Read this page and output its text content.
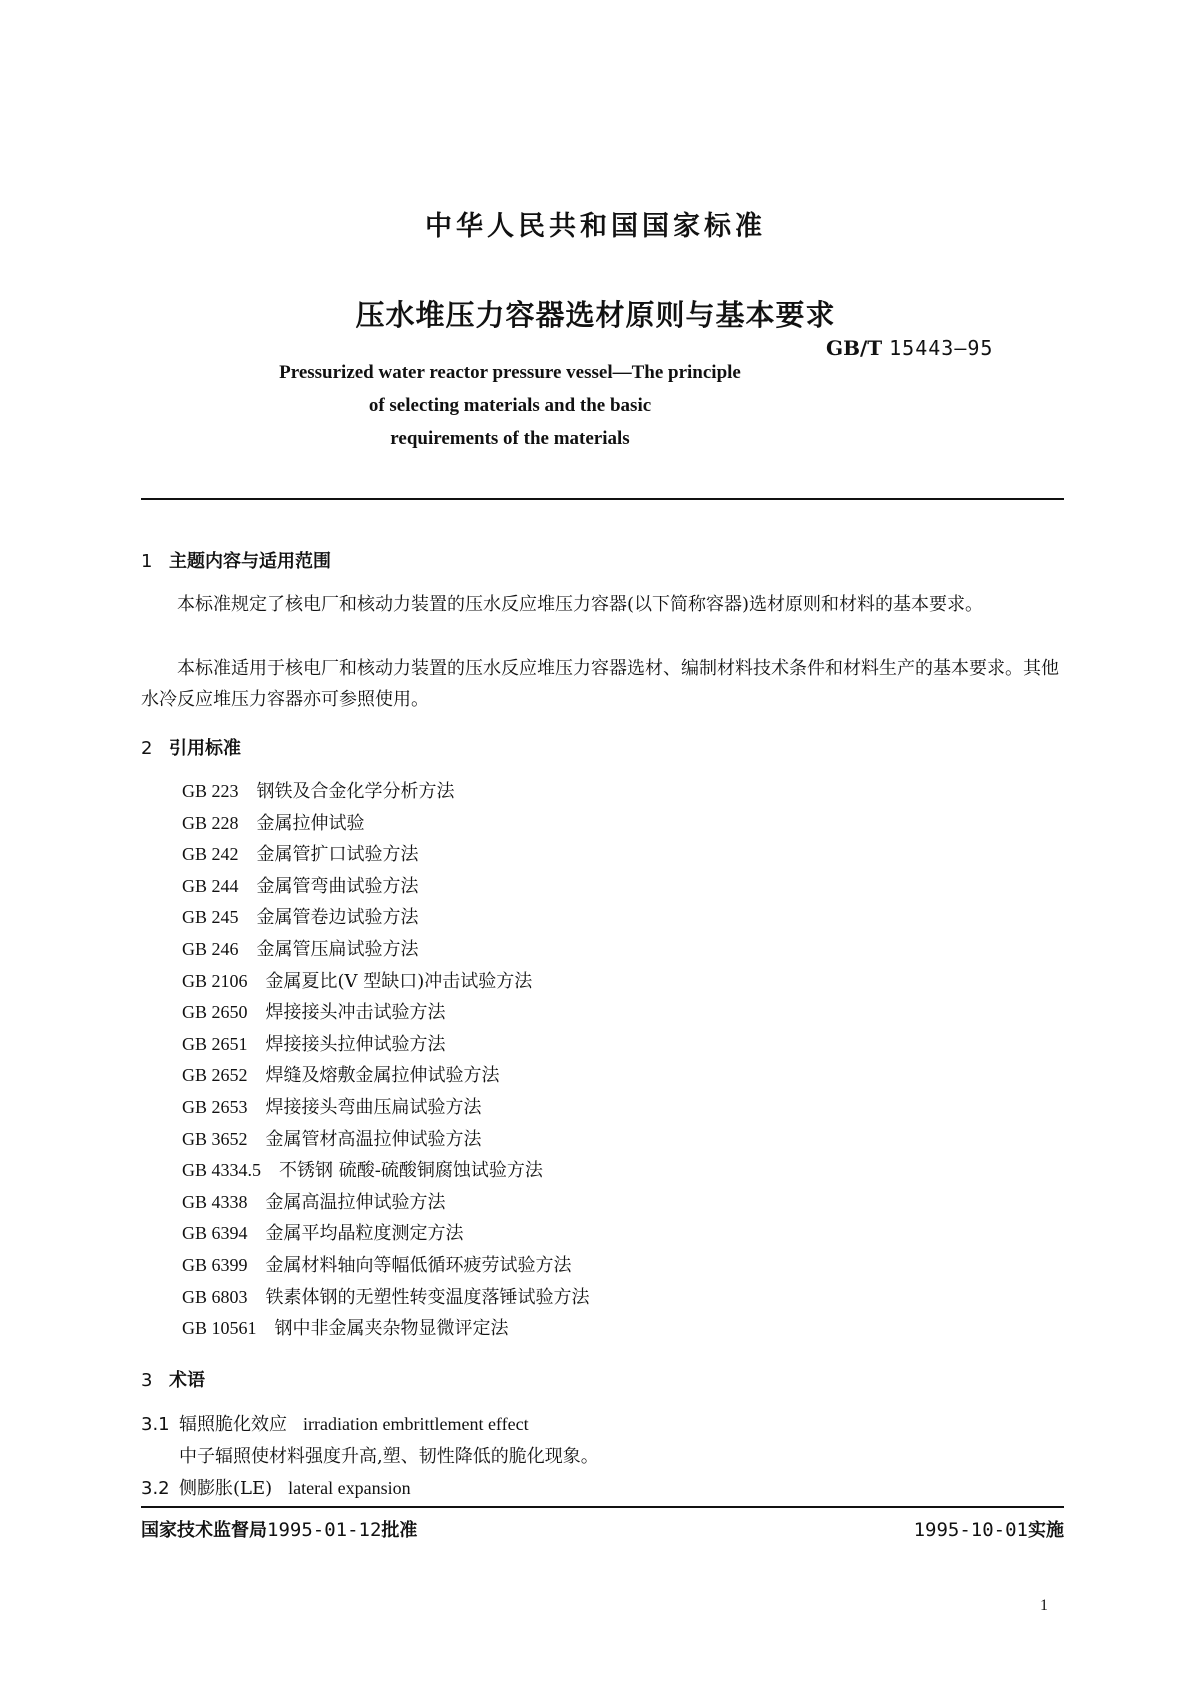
中华人民共和国国家标准
压水堆压力容器选材原则与基本要求
GB/T 15443—95
Pressurized water reactor pressure vessel—The principle
of selecting materials and the basic
requirements of the materials
1 主题内容与适用范围
本标准规定了核电厂和核动力装置的压水反应堆压力容器(以下简称容器)选材原则和材料的基本要求。
本标准适用于核电厂和核动力装置的压水反应堆压力容器选材、编制材料技术条件和材料生产的基本要求。其他水冷反应堆压力容器亦可参照使用。
2 引用标准
GB 223 钢铁及合金化学分析方法
GB 228 金属拉伸试验
GB 242 金属管扩口试验方法
GB 244 金属管弯曲试验方法
GB 245 金属管卷边试验方法
GB 246 金属管压扁试验方法
GB 2106 金属夏比(V 型缺口)冲击试验方法
GB 2650 焊接接头冲击试验方法
GB 2651 焊接接头拉伸试验方法
GB 2652 焊缝及熔敷金属拉伸试验方法
GB 2653 焊接接头弯曲压扁试验方法
GB 3652 金属管材高温拉伸试验方法
GB 4334.5 不锈钢 硫酸-硫酸铜腐蚀试验方法
GB 4338 金属高温拉伸试验方法
GB 6394 金属平均晶粒度测定方法
GB 6399 金属材料轴向等幅低循环疲劳试验方法
GB 6803 铁素体钢的无塑性转变温度落锤试验方法
GB 10561 钢中非金属夹杂物显微评定法
3 术语
3.1 辐照脆化效应 irradiation embrittlement effect
中子辐照使材料强度升高,塑、韧性降低的脆化现象。
3.2 侧膨胀(LE) lateral expansion
国家技术监督局1995-01-12批准	1995-10-01实施
1
